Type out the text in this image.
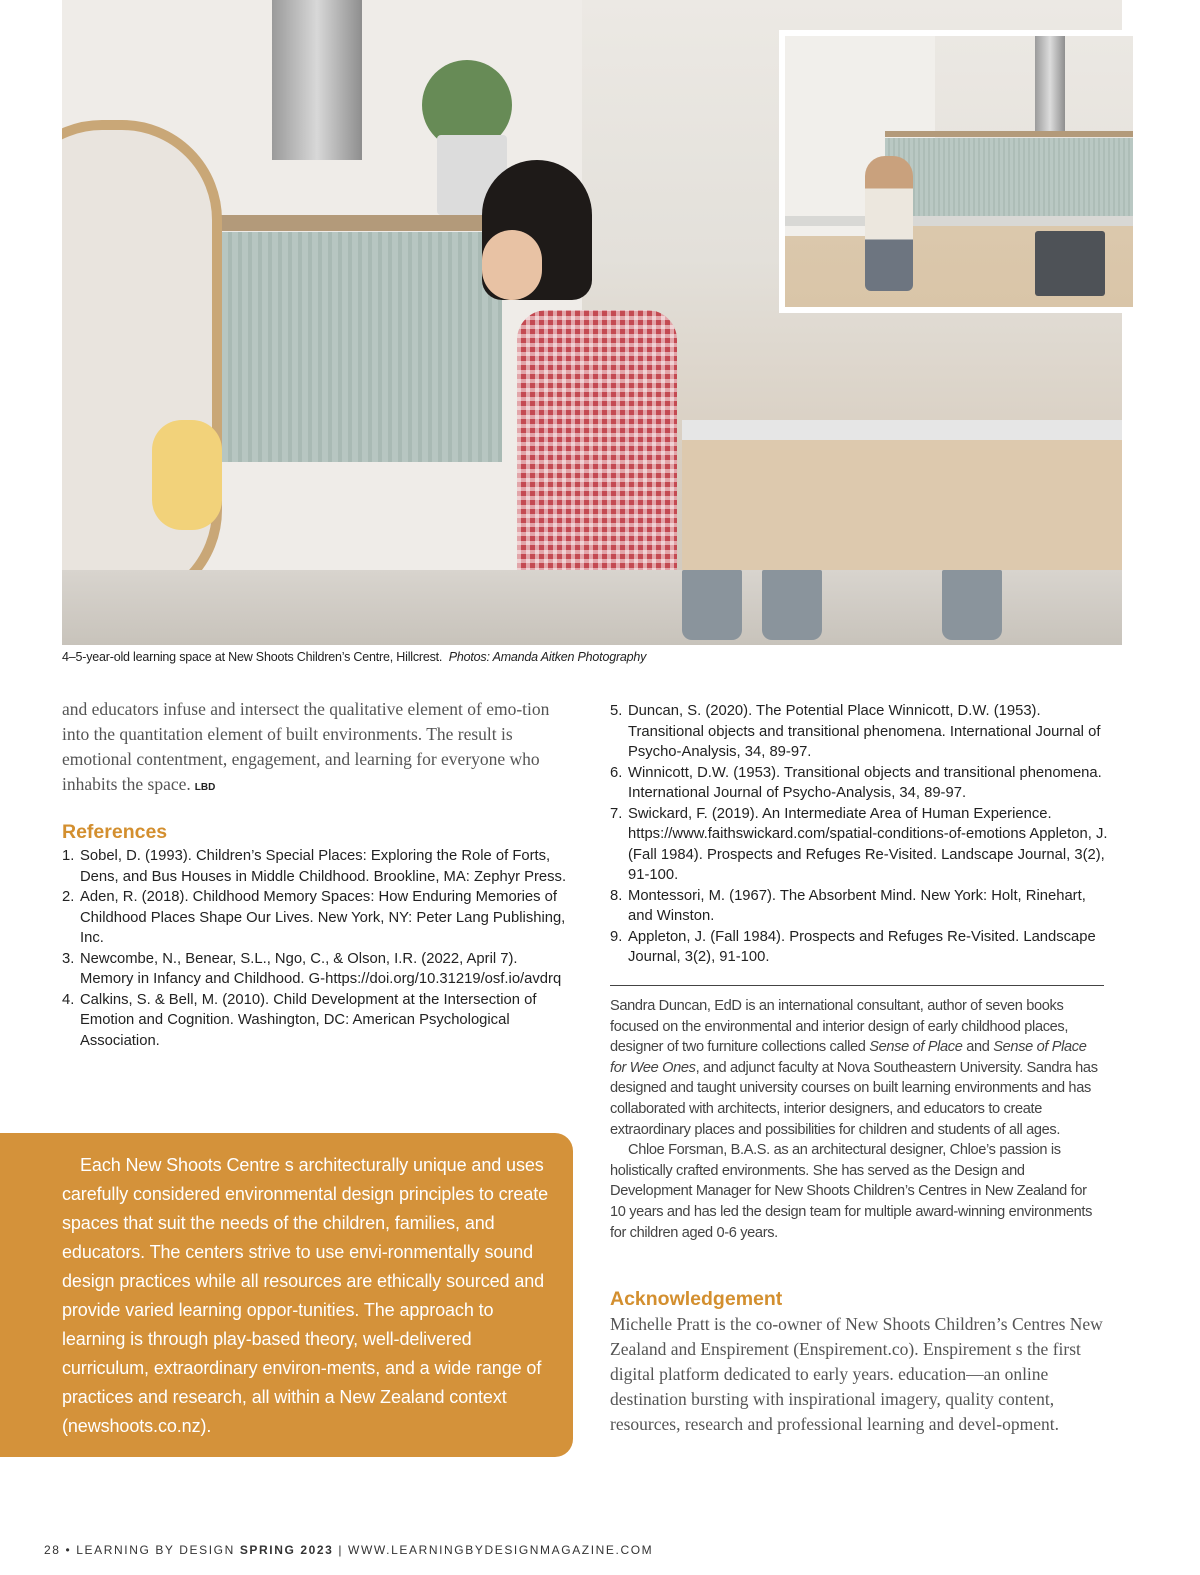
4–5-year-old learning space at New Shoots Children’s Centre, Hillcrest. Photos: Amanda Aitken Photography
and educators infuse and intersect the qualitative element of emo-tion into the quantitation element of built environments. The result is emotional contentment, engagement, and learning for everyone who inhabits the space. LBD
References
1. Sobel, D. (1993). Children’s Special Places: Exploring the Role of Forts, Dens, and Bus Houses in Middle Childhood. Brookline, MA: Zephyr Press.
2. Aden, R. (2018). Childhood Memory Spaces: How Enduring Memories of Childhood Places Shape Our Lives. New York, NY: Peter Lang Publishing, Inc.
3. Newcombe, N., Benear, S.L., Ngo, C., & Olson, I.R. (2022, April 7). Memory in Infancy and Childhood. G-https://doi.org/10.31219/osf.io/avdrq
4. Calkins, S. & Bell, M. (2010). Child Development at the Intersection of Emotion and Cognition. Washington, DC: American Psychological Association.
5. Duncan, S. (2020). The Potential Place Winnicott, D.W. (1953). Transitional objects and transitional phenomena. International Journal of Psycho-Analysis, 34, 89-97.
6. Winnicott, D.W. (1953). Transitional objects and transitional phenomena. International Journal of Psycho-Analysis, 34, 89-97.
7. Swickard, F. (2019). An Intermediate Area of Human Experience. https://www.faithswickard.com/spatial-conditions-of-emotions Appleton, J. (Fall 1984). Prospects and Refuges Re-Visited. Landscape Journal, 3(2), 91-100.
8. Montessori, M. (1967). The Absorbent Mind. New York: Holt, Rinehart, and Winston.
9. Appleton, J. (Fall 1984). Prospects and Refuges Re-Visited. Landscape Journal, 3(2), 91-100.

Sandra Duncan, EdD is an international consultant, author of seven books focused on the environmental and interior design of early childhood places, designer of two furniture collections called Sense of Place and Sense of Place for Wee Ones, and adjunct faculty at Nova Southeastern University. Sandra has designed and taught university courses on built learning environments and has collaborated with architects, interior designers, and educators to create extraordinary places and possibilities for children and students of all ages.

Chloe Forsman, B.A.S. as an architectural designer, Chloe’s passion is holistically crafted environments. She has served as the Design and Development Manager for New Shoots Children’s Centres in New Zealand for 10 years and has led the design team for multiple award-winning environments for children aged 0-6 years.

Acknowledgement
Michelle Pratt is the co-owner of New Shoots Children’s Centres New Zealand and Enspirement (Enspirement.co). Enspirement s the first digital platform dedicated to early years. education—an online destination bursting with inspirational imagery, quality content, resources, research and professional learning and devel-opment.

Each New Shoots Centre s architecturally unique and uses carefully considered environmental design principles to create spaces that suit the needs of the children, families, and educators. The centers strive to use envi-ronmentally sound design practices while all resources are ethically sourced and provide varied learning oppor-tunities. The approach to learning is through play-based theory, well-delivered curriculum, extraordinary environ-ments, and a wide range of practices and research, all within a New Zealand context (newshoots.co.nz).

28 • LEARNING BY DESIGN SPRING 2023 | WWW.LEARNINGBYDESIGNMAGAZINE.COM
